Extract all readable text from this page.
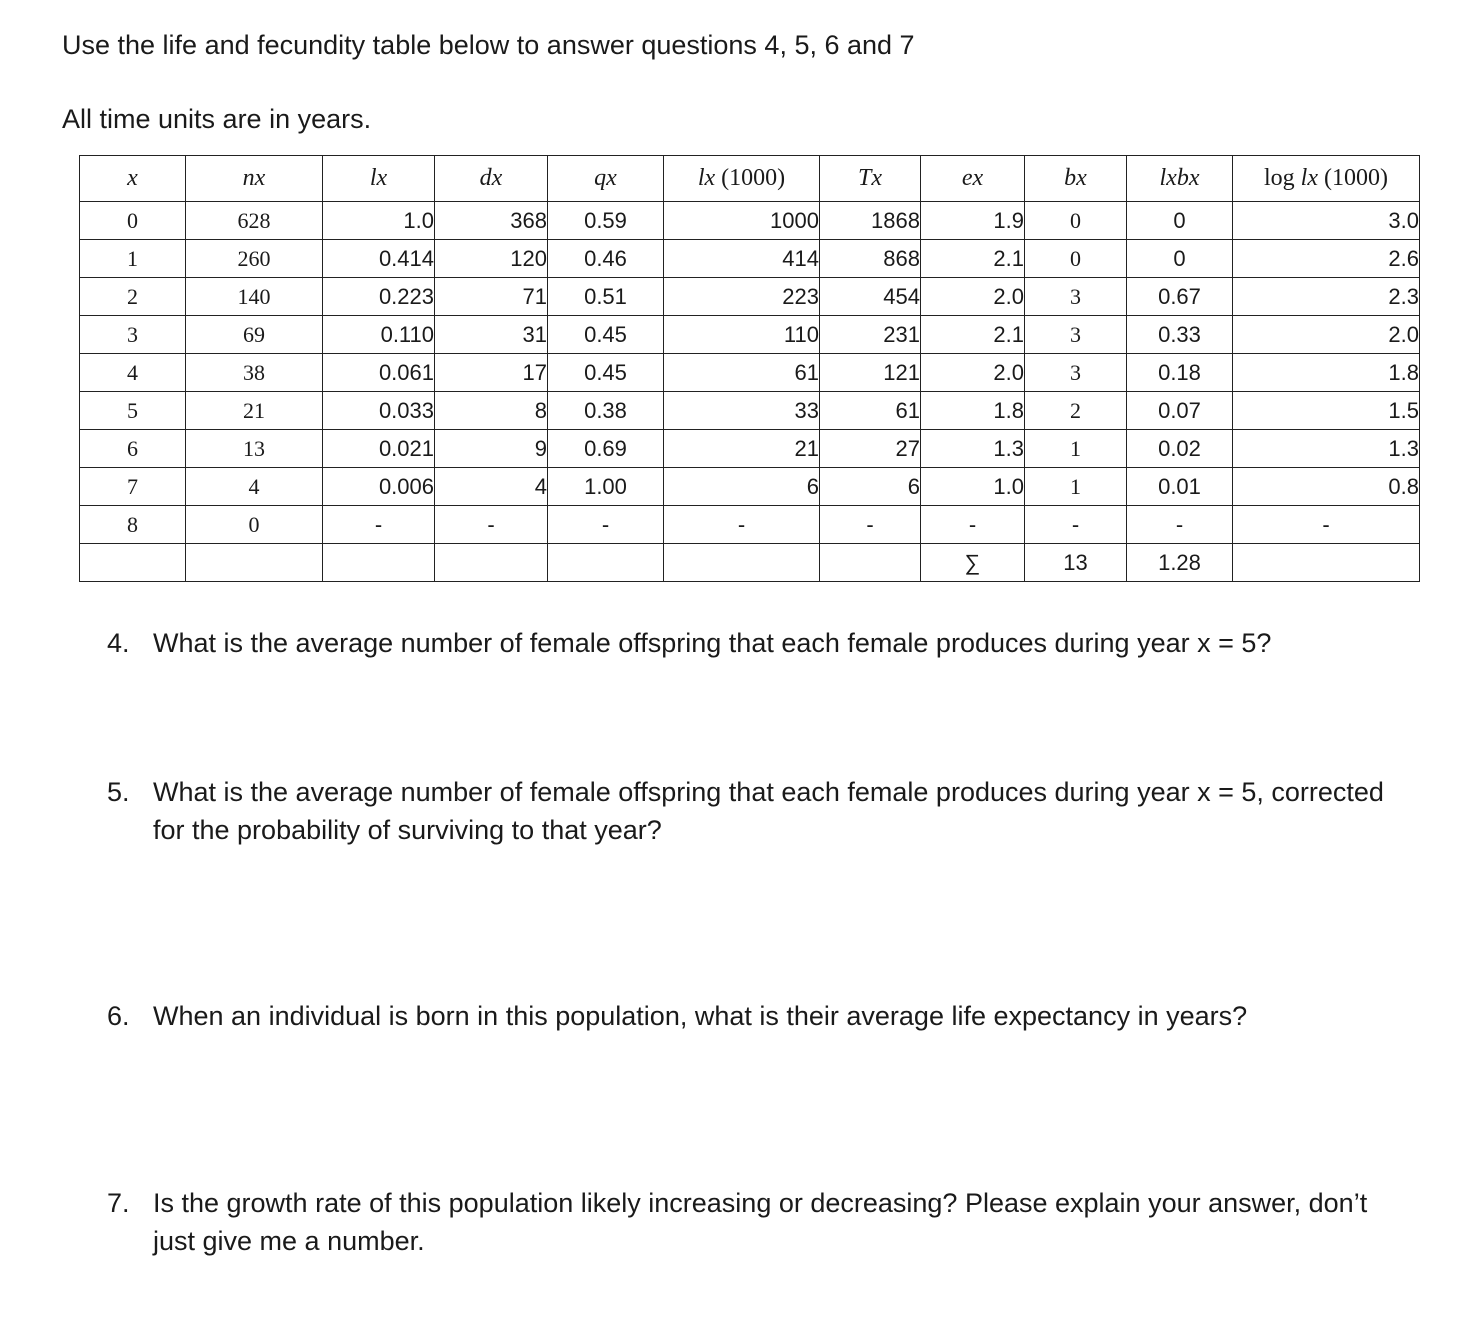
Use the life and fecundity table below to answer questions 4, 5, 6 and 7

All time units are in years.

x	nx	lx	dx	qx	lx (1000)	Tx	ex	bx	lxbx	log lx (1000)
0	628	1.0	368	0.59	1000	1868	1.9	0	0	3.0
1	260	0.414	120	0.46	414	868	2.1	0	0	2.6
2	140	0.223	71	0.51	223	454	2.0	3	0.67	2.3
3	69	0.110	31	0.45	110	231	2.1	3	0.33	2.0
4	38	0.061	17	0.45	61	121	2.0	3	0.18	1.8
5	21	0.033	8	0.38	33	61	1.8	2	0.07	1.5
6	13	0.021	9	0.69	21	27	1.3	1	0.02	1.3
7	4	0.006	4	1.00	6	6	1.0	1	0.01	0.8
8	0	-	-	-	-	-	-	-	-	-
							∑	13	1.28	
4. What is the average number of female offspring that each female produces during year x = 5?
5. What is the average number of female offspring that each female produces during year x = 5, corrected for the probability of surviving to that year?
6. When an individual is born in this population, what is their average life expectancy in years?
7. Is the growth rate of this population likely increasing or decreasing? Please explain your answer, don’t just give me a number.
